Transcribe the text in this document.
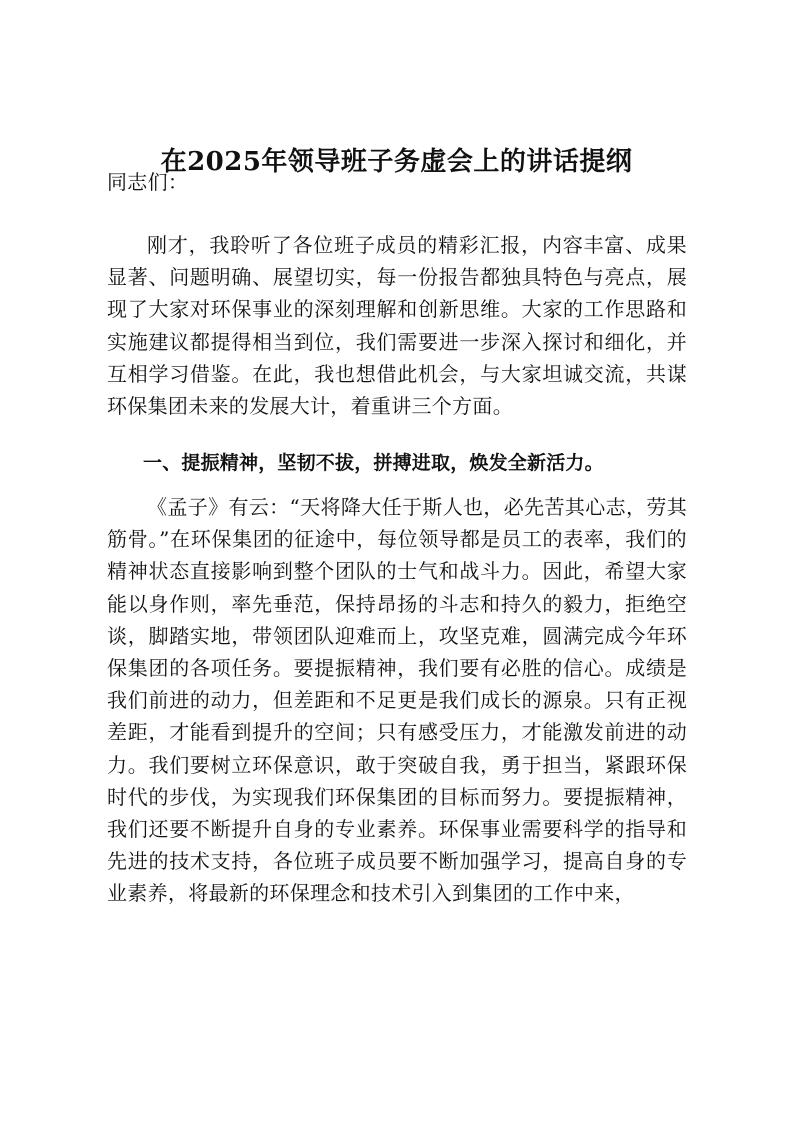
在2025年领导班子务虚会上的讲话提纲

同志们：

刚才，我聆听了各位班子成员的精彩汇报，内容丰富、成果显著、问题明确、展望切实，每一份报告都独具特色与亮点，展现了大家对环保事业的深刻理解和创新思维。大家的工作思路和实施建议都提得相当到位，我们需要进一步深入探讨和细化，并互相学习借鉴。在此，我也想借此机会，与大家坦诚交流，共谋环保集团未来的发展大计，着重讲三个方面。

一、提振精神，坚韧不拔，拼搏进取，焕发全新活力。

《孟子》有云：“天将降大任于斯人也，必先苦其心志，劳其筋骨。”在环保集团的征途中，每位领导都是员工的表率，我们的精神状态直接影响到整个团队的士气和战斗力。因此，希望大家能以身作则，率先垂范，保持昂扬的斗志和持久的毅力，拒绝空谈，脚踏实地，带领团队迎难而上，攻坚克难，圆满完成今年环保集团的各项任务。要提振精神，我们要有必胜的信心。成绩是我们前进的动力，但差距和不足更是我们成长的源泉。只有正视差距，才能看到提升的空间；只有感受压力，才能激发前进的动力。我们要树立环保意识，敢于突破自我，勇于担当，紧跟环保时代的步伐，为实现我们环保集团的目标而努力。要提振精神，我们还要不断提升自身的专业素养。环保事业需要科学的指导和先进的技术支持，各位班子成员要不断加强学习，提高自身的专业素养，将最新的环保理念和技术引入到集团的工作中来，
